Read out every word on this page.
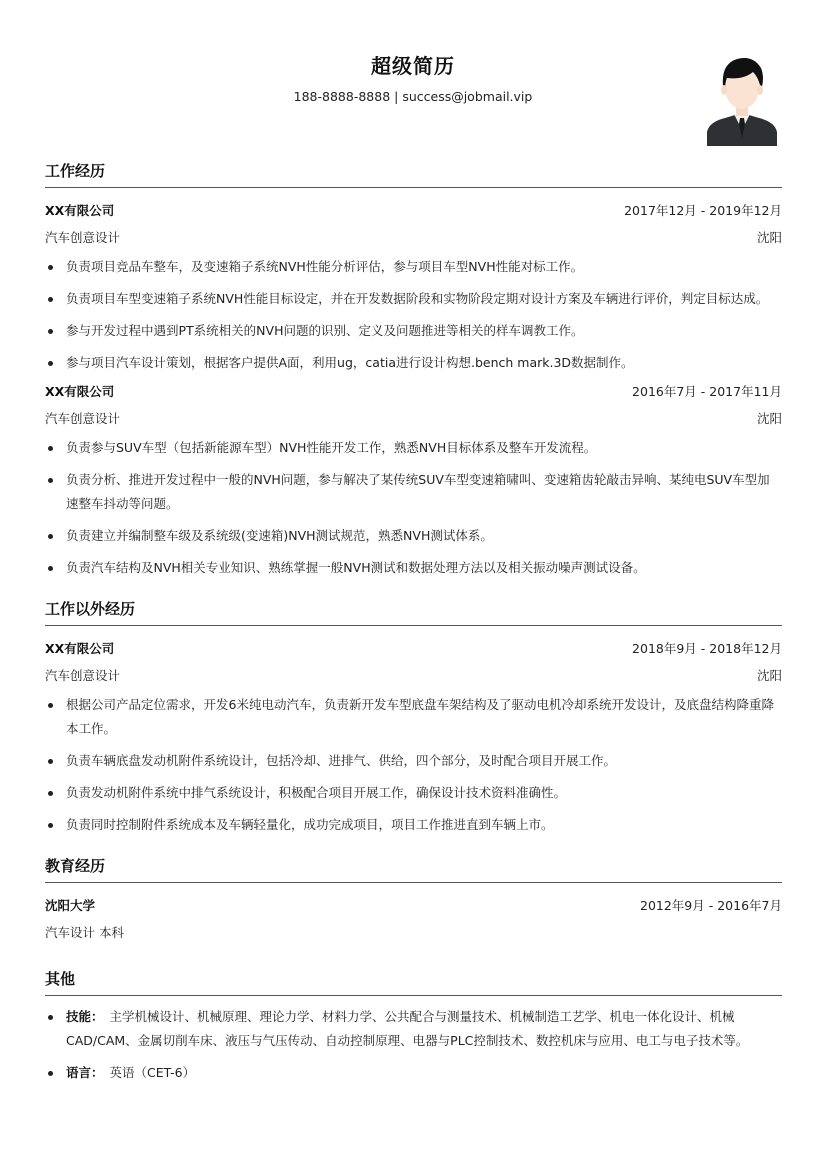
超级简历
188-8888-8888 | success@jobmail.vip
工作经历
XX有限公司	2017年12月 - 2019年12月
汽车创意设计	沈阳
负责项目竞品车整车，及变速箱子系统NVH性能分析评估，参与项目车型NVH性能对标工作。
负责项目车型变速箱子系统NVH性能目标设定，并在开发数据阶段和实物阶段定期对设计方案及车辆进行评价，判定目标达成。
参与开发过程中遇到PT系统相关的NVH问题的识别、定义及问题推进等相关的样车调教工作。
参与项目汽车设计策划，根据客户提供A面，利用ug，catia进行设计构想.bench mark.3D数据制作。
XX有限公司	2016年7月 - 2017年11月
汽车创意设计	沈阳
负责参与SUV车型（包括新能源车型）NVH性能开发工作，熟悉NVH目标体系及整车开发流程。
负责分析、推进开发过程中一般的NVH问题，参与解决了某传统SUV车型变速箱啸叫、变速箱齿轮敲击异响、某纯电SUV车型加速整车抖动等问题。
负责建立并编制整车级及系统级(变速箱)NVH测试规范，熟悉NVH测试体系。
负责汽车结构及NVH相关专业知识、熟练掌握一般NVH测试和数据处理方法以及相关振动噪声测试设备。
工作以外经历
XX有限公司	2018年9月 - 2018年12月
汽车创意设计	沈阳
根据公司产品定位需求，开发6米纯电动汽车，负责新开发车型底盘车架结构及了驱动电机冷却系统开发设计，及底盘结构降重降本工作。
负责车辆底盘发动机附件系统设计，包括冷却、进排气、供给，四个部分，及时配合项目开展工作。
负责发动机附件系统中排气系统设计，积极配合项目开展工作，确保设计技术资料准确性。
负责同时控制附件系统成本及车辆轻量化，成功完成项目，项目工作推进直到车辆上市。
教育经历
沈阳大学	2012年9月 - 2016年7月
汽车设计 本科
其他
技能： 主学机械设计、机械原理、理论力学、材料力学、公共配合与测量技术、机械制造工艺学、机电一体化设计、机械CAD/CAM、金属切削车床、液压与气压传动、自动控制原理、电器与PLC控制技术、数控机床与应用、电工与电子技术等。
语言： 英语（CET-6）
